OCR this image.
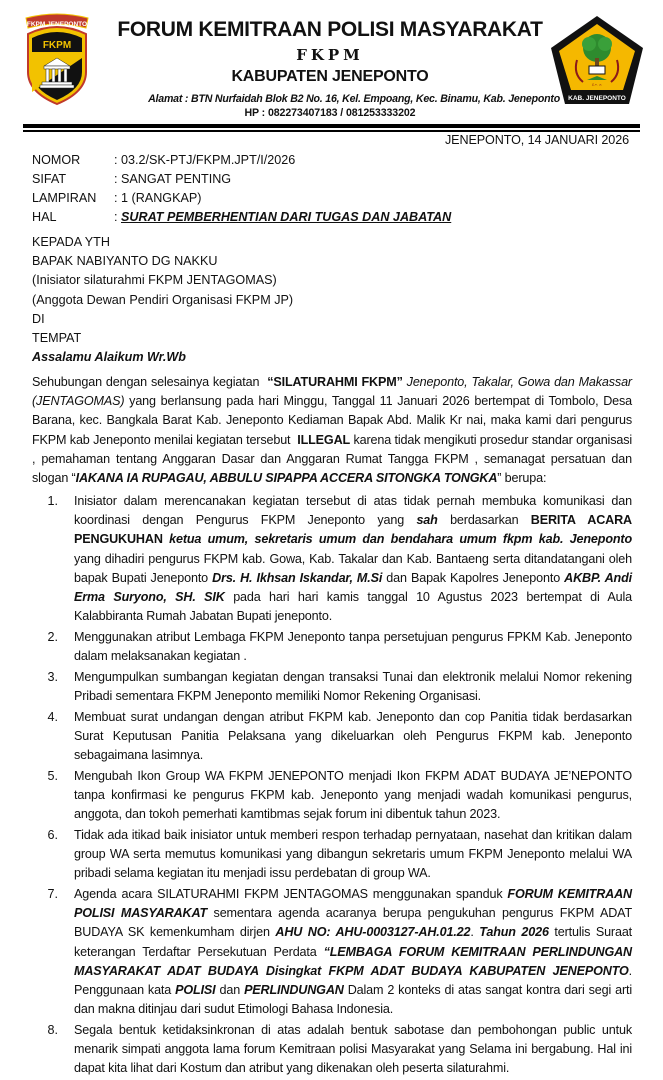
FKPM JENEPONTO
FKPM
★
ᨅᨈ ᨊ
KAB. JENEPONTO
FORUM KEMITRAAN POLISI MASYARAKAT
FKPM
KABUPATEN JENEPONTO
Alamat : BTN Nurfaidah Blok B2 No. 16, Kel. Empoang, Kec. Binamu, Kab. Jeneponto
HP : 082273407183 / 081253333202
JENEPONTO, 14 JANUARI 2026
NOMOR	: 03.2/SK-PTJ/FKPM.JPT/I/2026
SIFAT	: SANGAT PENTING
LAMPIRAN	: 1 (RANGKAP)
HAL	: SURAT PEMBERHENTIAN DARI TUGAS DAN JABATAN
KEPADA YTH
BAPAK NABIYANTO DG NAKKU
(Inisiator silaturahmi FKPM JENTAGOMAS)
(Anggota Dewan Pendiri Organisasi FKPM JP)
DI
TEMPAT
Assalamu Alaikum Wr.Wb
Sehubungan dengan selesainya kegiatan  “SILATURAHMI FKPM” Jeneponto, Takalar, Gowa dan Makassar (JENTAGOMAS) yang berlansung pada hari Minggu, Tanggal 11 Januari 2026 bertempat di Tombolo, Desa Barana, kec. Bangkala Barat Kab. Jeneponto Kediaman Bapak Abd. Malik Kr nai, maka kami dari pengurus FKPM kab Jeneponto menilai kegiatan tersebut  ILLEGAL karena tidak mengikuti prosedur standar organisasi , pemahaman tentang Anggaran Dasar dan Anggaran Rumat Tangga FKPM , semanagat persatuan dan slogan “IAKANA IA RUPAGAU, ABBULU SIPAPPA ACCERA SITONGKA TONGKA” berupa:
1.	Inisiator dalam merencanakan kegiatan tersebut di atas tidak pernah membuka komunikasi dan koordinasi dengan Pengurus FKPM Jeneponto yang sah berdasarkan BERITA ACARA PENGUKUHAN ketua umum, sekretaris umum dan bendahara umum fkpm kab. Jeneponto yang dihadiri pengurus FKPM kab. Gowa, Kab. Takalar dan Kab. Bantaeng serta ditandatangani oleh bapak Bupati Jeneponto Drs. H. Ikhsan Iskandar, M.Si dan Bapak Kapolres Jeneponto AKBP. Andi Erma Suryono, SH. SIK pada hari hari kamis tanggal 10 Agustus 2023 bertempat di Aula Kalabbiranta Rumah Jabatan Bupati jeneponto.
2.	Menggunakan atribut Lembaga FKPM Jeneponto tanpa persetujuan pengurus FPKM Kab. Jeneponto dalam melaksanakan kegiatan .
3.	Mengumpulkan sumbangan kegiatan dengan transaksi Tunai dan elektronik melalui Nomor rekening Pribadi sementara FKPM Jeneponto memiliki Nomor Rekening Organisasi.
4.	Membuat surat undangan dengan atribut FKPM kab. Jeneponto dan cop Panitia tidak berdasarkan Surat Keputusan Panitia Pelaksana yang dikeluarkan oleh Pengurus FKPM kab. Jeneponto sebagaimana lasimnya.
5.	Mengubah Ikon Group WA FKPM JENEPONTO menjadi Ikon FKPM ADAT BUDAYA JE’NEPONTO tanpa konfirmasi ke pengurus FKPM kab. Jeneponto yang menjadi wadah komunikasi pengurus, anggota, dan tokoh pemerhati kamtibmas sejak forum ini dibentuk tahun 2023.
6.	Tidak ada itikad baik inisiator untuk memberi respon terhadap pernyataan, nasehat dan kritikan dalam group WA serta memutus komunikasi yang dibangun sekretaris umum FKPM Jeneponto melalui WA pribadi selama kegiatan itu menjadi issu perdebatan di group WA.
7.	Agenda acara SILATURAHMI FKPM JENTAGOMAS menggunakan spanduk FORUM KEMITRAAN POLISI MASYARAKAT sementara agenda acaranya berupa pengukuhan pengurus FKPM ADAT BUDAYA SK kemenkumham dirjen AHU NO: AHU-0003127-AH.01.22. Tahun 2026 tertulis Suraat keterangan Terdaftar Persekutuan Perdata “LEMBAGA FORUM KEMITRAAN PERLINDUNGAN MASYARAKAT ADAT BUDAYA Disingkat FKPM ADAT BUDAYA KABUPATEN JENEPONTO. Penggunaan kata POLISI dan PERLINDUNGAN Dalam 2 konteks di atas sangat kontra dari segi arti dan makna ditinjau dari sudut Etimologi Bahasa Indonesia.
8.	Segala bentuk ketidaksinkronan di atas adalah bentuk sabotase dan pembohongan public untuk menarik simpati anggota lama forum Kemitraan polisi Masyarakat yang Selama ini bergabung. Hal ini dapat kita lihat dari Kostum dan atribut yang dikenakan oleh peserta silaturahmi.
